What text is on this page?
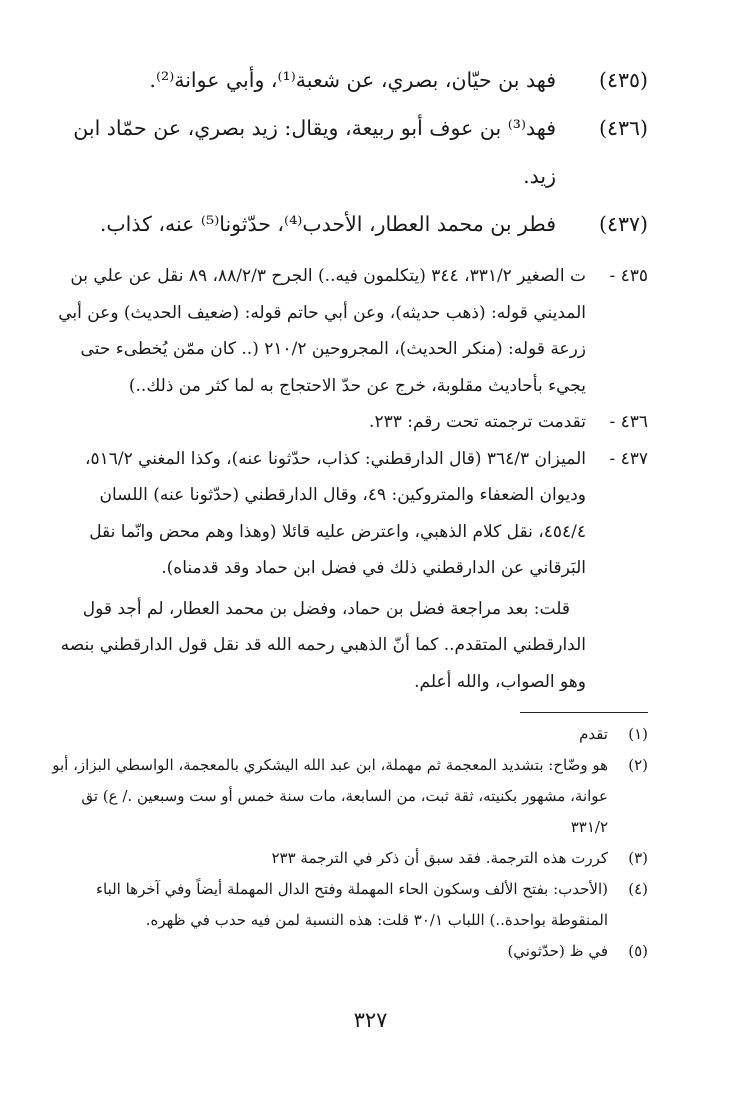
(٤٣٥)
فهد بن حيّان، بصري، عن شعبة⁽¹⁾، وأبي عوانة⁽²⁾.
(٤٣٦)
فهد⁽³⁾ بن عوف أبو ربيعة، ويقال: زيد بصري، عن حمّاد ابن زيد.
(٤٣٧)
فطر بن محمد العطار، الأحدب⁽⁴⁾، حدّثونا⁽⁵⁾ عنه، كذاب.
٤٣٥ -
ت الصغير ٣٣١/٢، ٣٤٤ (يتكلمون فيه..) الجرح ٨٨/٢/٣، ٨٩ نقل عن علي بن المديني قوله: (ذهب حديثه)، وعن أبي حاتم قوله: (ضعيف الحديث) وعن أبي زرعة قوله: (منكر الحديث)، المجروحين ٢١٠/٢ (.. كان ممّن يُخطىء حتى يجيء بأحاديث مقلوبة، خرج عن حدّ الاحتجاج به لما كثر من ذلك..)
٤٣٦ -
تقدمت ترجمته تحت رقم: ٢٣٣.
٤٣٧ -
الميزان ٣٦٤/٣ (قال الدارقطني: كذاب، حدّثونا عنه)، وكذا المغني ٥١٦/٢، وديوان الضعفاء والمتروكين: ٤٩، وقال الدارقطني (حدّثونا عنه) اللسان ٤٥٤/٤، نقل كلام الذهبي، واعترض عليه قائلا (وهذا وهم محض وانّما نقل البَرقاني عن الدارقطني ذلك في فضل ابن حماد وقد قدمناه).
قلت: بعد مراجعة فضل بن حماد، وفضل بن محمد العطار، لم أجد قول الدارقطني المتقدم.. كما أنّ الذهبي رحمه الله قد نقل قول الدارقطني بنصه وهو الصواب، والله أعلم.
(١)
تقدم
(٢)
هو وضّاح: بتشديد المعجمة ثم مهملة، ابن عبد الله اليشكري بالمعجمة، الواسطي البزاز، أبو عوانة، مشهور بكنيته، ثقة ثبت، من السابعة، مات سنة خمس أو ست وسبعين ./ ع) تق ٣٣١/٢
(٣)
كررت هذه الترجمة. فقد سبق أن ذكر في الترجمة ٢٣٣
(٤)
(الأحدب: بفتح الألف وسكون الحاء المهملة وفتح الدال المهملة أيضاً وفي آخرها الباء المنقوطة بواحدة..) اللباب ٣٠/١ قلت: هذه النسبة لمن فيه حدب في ظهره.
(٥)
في ظ (حدّثوني)
٣٢٧
